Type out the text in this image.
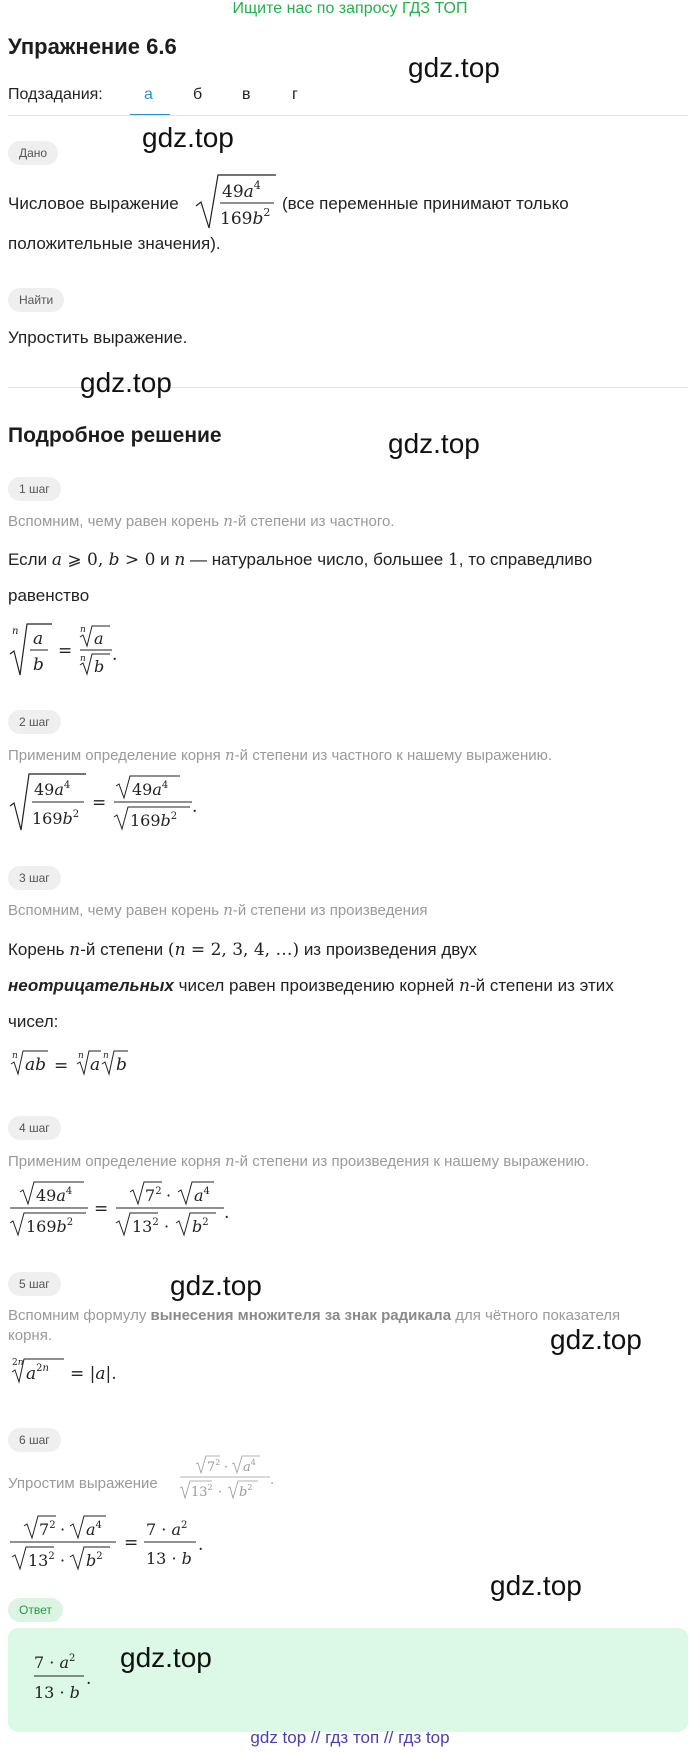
Ищите нас по запросу ГДЗ ТОП
Упражнение 6.6
gdz.top
Подзадания:	а	б в	г
Дано	gdz.top
Числовое выражение
$49a^4$
$169b^2$ (все переменные принимают только
положительные значения).
Найти
Упростить выражение.
gdz.top
Подробное решение	gdz.top
1 шаг
Вспомним, чему равен корень n-й степени из частного.
Если a ⩾ 0, b > 0 и n — натуральное число, большее 1, то справедливо
равенство
n a
b
=
n a
n b
.
2 шаг
Применим определение корня n-й степени из частного к нашему выражению.
$49a^4$
$169b^2$
=
$49a^4$
$169b^2$ .
3 шаг
Вспомним, чему равен корень n-й степени из произведения
Корень n-й степени (n = 2, 3, 4, …) из произведения двух
неотрицательных чисел равен произведению корней n-й степени из этих
чисел:
n ab = n a n b
4 шаг
Применим определение корня n-й степени из произведения к нашему выражению.
$49a^4$
$169b^2$
=
$7^2 \cdot a^4$
$13^2 \cdot b^2$ .
5 шаг	gdz.top
Вспомним формулу вынесения множителя за знак радикала для чётного показателя
корня.	gdz.top
2n
$a^{2n} = |a|$.
6 шаг
Упростим выражение
$7^2 \cdot a^4$
$13^2 \cdot b^2$ .
$7^2 \cdot a^4$
$13^2 \cdot b^2$
=
$7 \cdot a^2$
13 · b
.
gdz.top
Ответ
$7 \cdot a^2$
13 · b
.
gdz.top
gdz top // гдз топ // гдз top
